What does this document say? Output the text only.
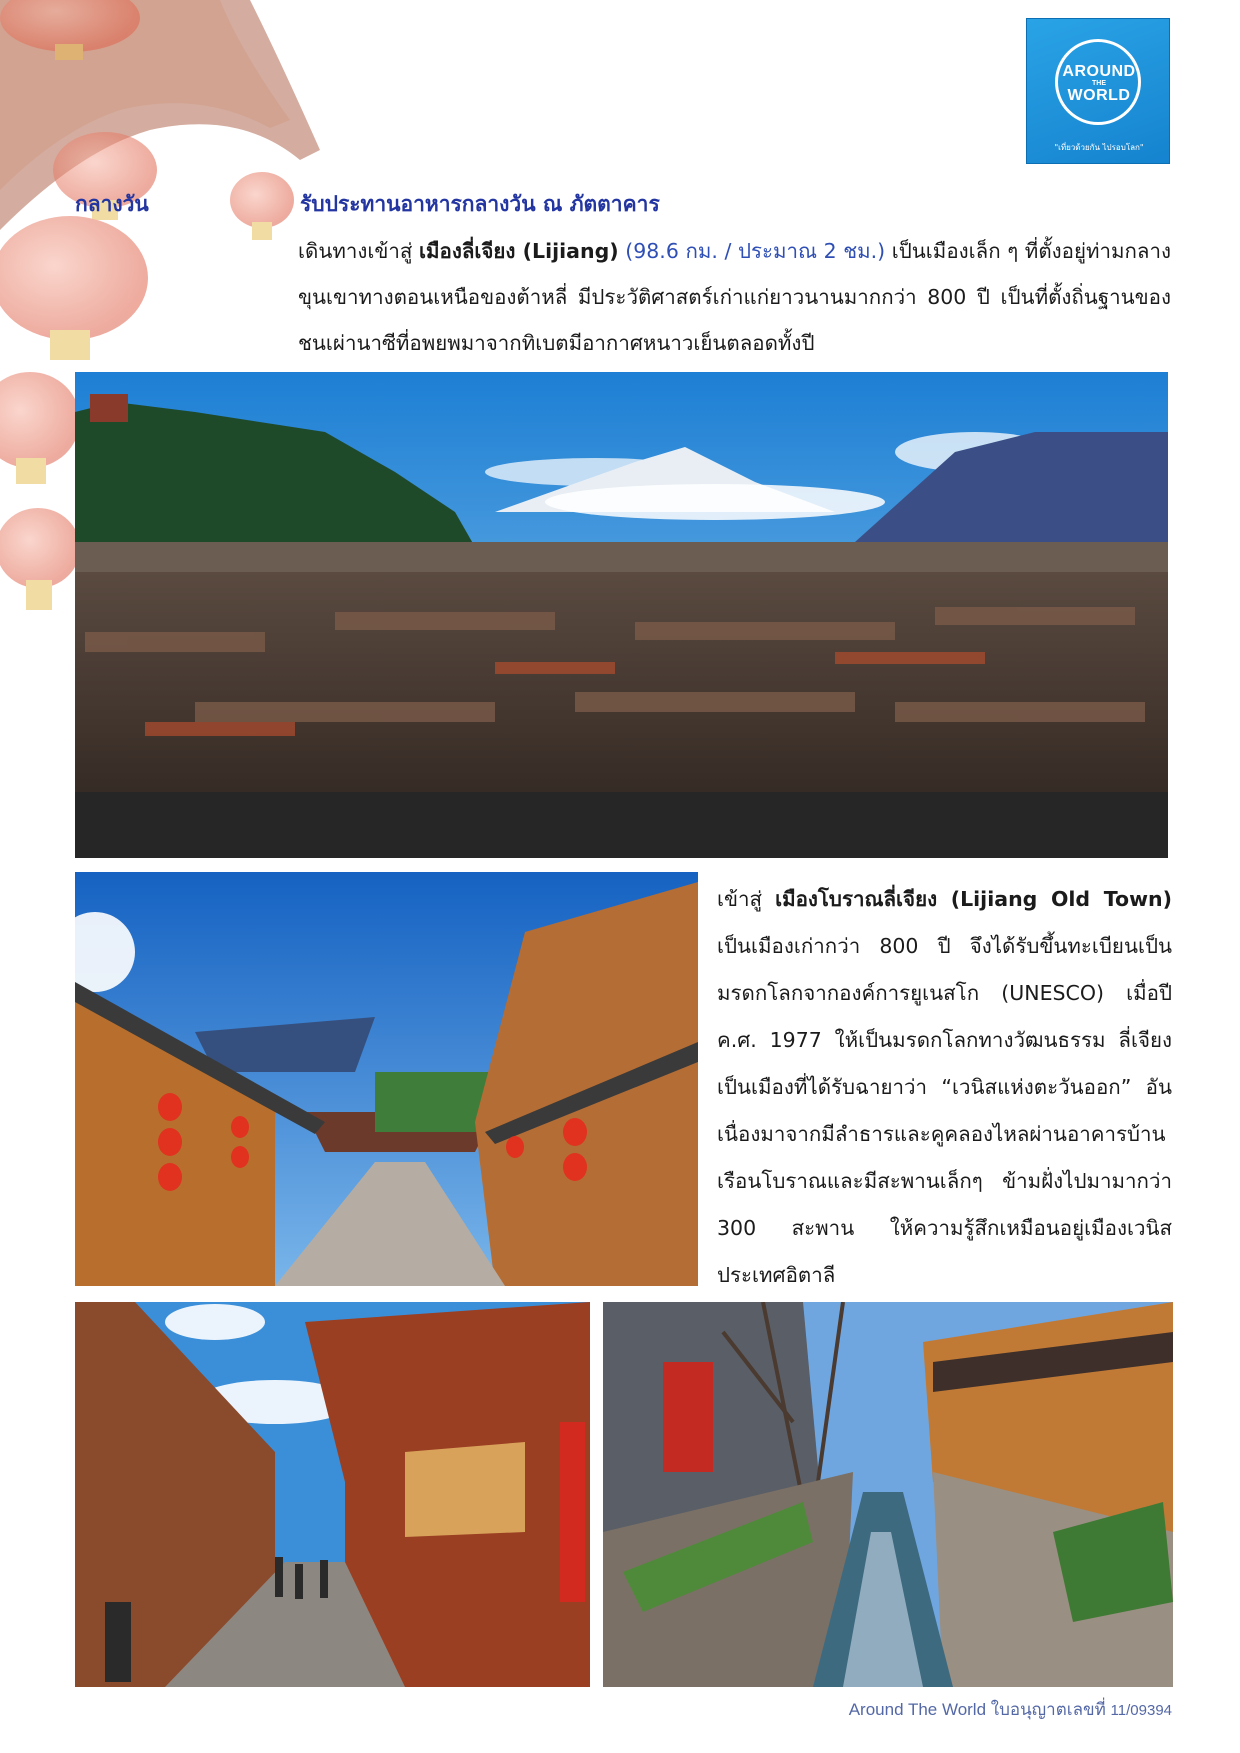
AROUND
THE
WORLD
"เที่ยวด้วยกัน ไปรอบโลก"
กลางวัน	รับประทานอาหารกลางวัน ณ ภัตตาคาร
เดินทางเข้าสู่ เมืองลี่เจียง (Lijiang) (98.6 กม. / ประมาณ 2 ชม.) เป็นเมืองเล็ก ๆ ที่ตั้งอยู่ท่ามกลางขุนเขาทางตอนเหนือของต้าหลี่ มีประวัติศาสตร์เก่าแก่ยาวนานมากกว่า 800 ปี เป็นที่ตั้งถิ่นฐานของชนเผ่านาซีที่อพยพมาจากทิเบตมีอากาศหนาวเย็นตลอดทั้งปี
เข้าสู่ เมืองโบราณลี่เจียง (Lijiang Old Town) เป็นเมืองเก่ากว่า 800 ปี จึงได้รับขึ้นทะเบียนเป็นมรดกโลกจากองค์การยูเนสโก (UNESCO) เมื่อปี ค.ศ. 1977 ให้เป็นมรดกโลกทางวัฒนธรรม ลี่เจียงเป็นเมืองที่ได้รับฉายาว่า “เวนิสแห่งตะวันออก” อันเนื่องมาจากมีลำธารและคูคลองไหลผ่านอาคารบ้านเรือนโบราณและมีสะพานเล็กๆ ข้ามฝั่งไปมามากว่า 300 สะพาน ให้ความรู้สึกเหมือนอยู่เมืองเวนิส ประเทศอิตาลี
Around The World ใบอนุญาตเลขที่ 11/09394
